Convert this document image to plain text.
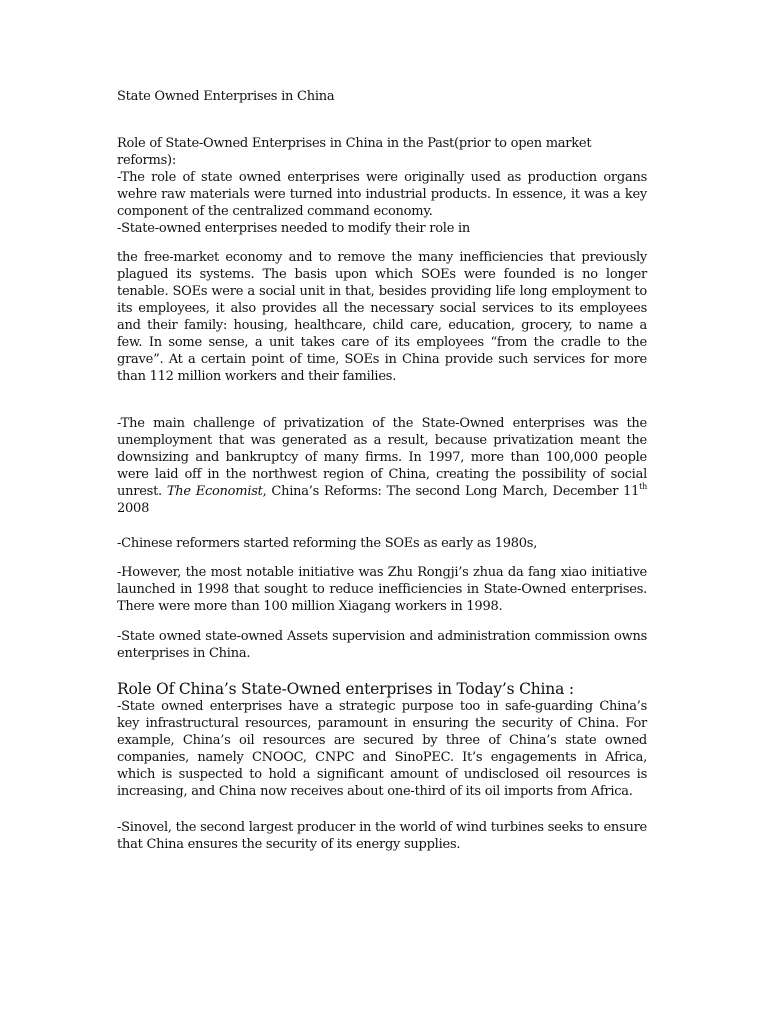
State Owned Enterprises in China

Role of State-Owned Enterprises in China in the Past(prior to open market reforms):

-The role of state owned enterprises were originally used as production organs wehre raw materials were turned into industrial products. In essence, it was a key component of the centralized command economy.

-State-owned enterprises needed to modify their role in

the free-market economy and to remove the many inefficiencies that previously plagued its systems. The basis upon which SOEs were founded is no longer tenable. SOEs were a social unit in that, besides providing life long employment to its employees, it also provides all the necessary social services to its employees and their family: housing, healthcare, child care, education, grocery, to name a few. In some sense, a unit takes care of its employees “from the cradle to the grave”. At a certain point of time, SOEs in China provide such services for more than 112 million workers and their families.

-The main challenge of privatization of the State-Owned enterprises was the unemployment that was generated as a result, because privatization meant the downsizing and bankruptcy of many firms. In 1997, more than 100,000 people were laid off in the northwest region of China, creating the possibility of social unrest. The Economist, China’s Reforms: The second Long March, December 11th 2008

-Chinese reformers started reforming the SOEs as early as 1980s,

-However, the most notable initiative was Zhu Rongji’s zhua da fang xiao initiative launched in 1998 that sought to reduce inefficiencies in State-Owned enterprises. There were more than 100 million Xiagang workers in 1998.

-State owned state-owned Assets supervision and administration commission owns enterprises in China.

Role Of China’s State-Owned enterprises in Today’s China :

-State owned enterprises have a strategic purpose too in safe-guarding China’s key infrastructural resources, paramount in ensuring the security of China. For example, China’s oil resources are secured by three of China’s state owned companies, namely CNOOC, CNPC and SinoPEC. It’s engagements in Africa, which is suspected to hold a significant amount of undisclosed oil resources is increasing, and China now receives about one-third of its oil imports from Africa.

-Sinovel, the second largest producer in the world of wind turbines seeks to ensure that China ensures the security of its energy supplies.
